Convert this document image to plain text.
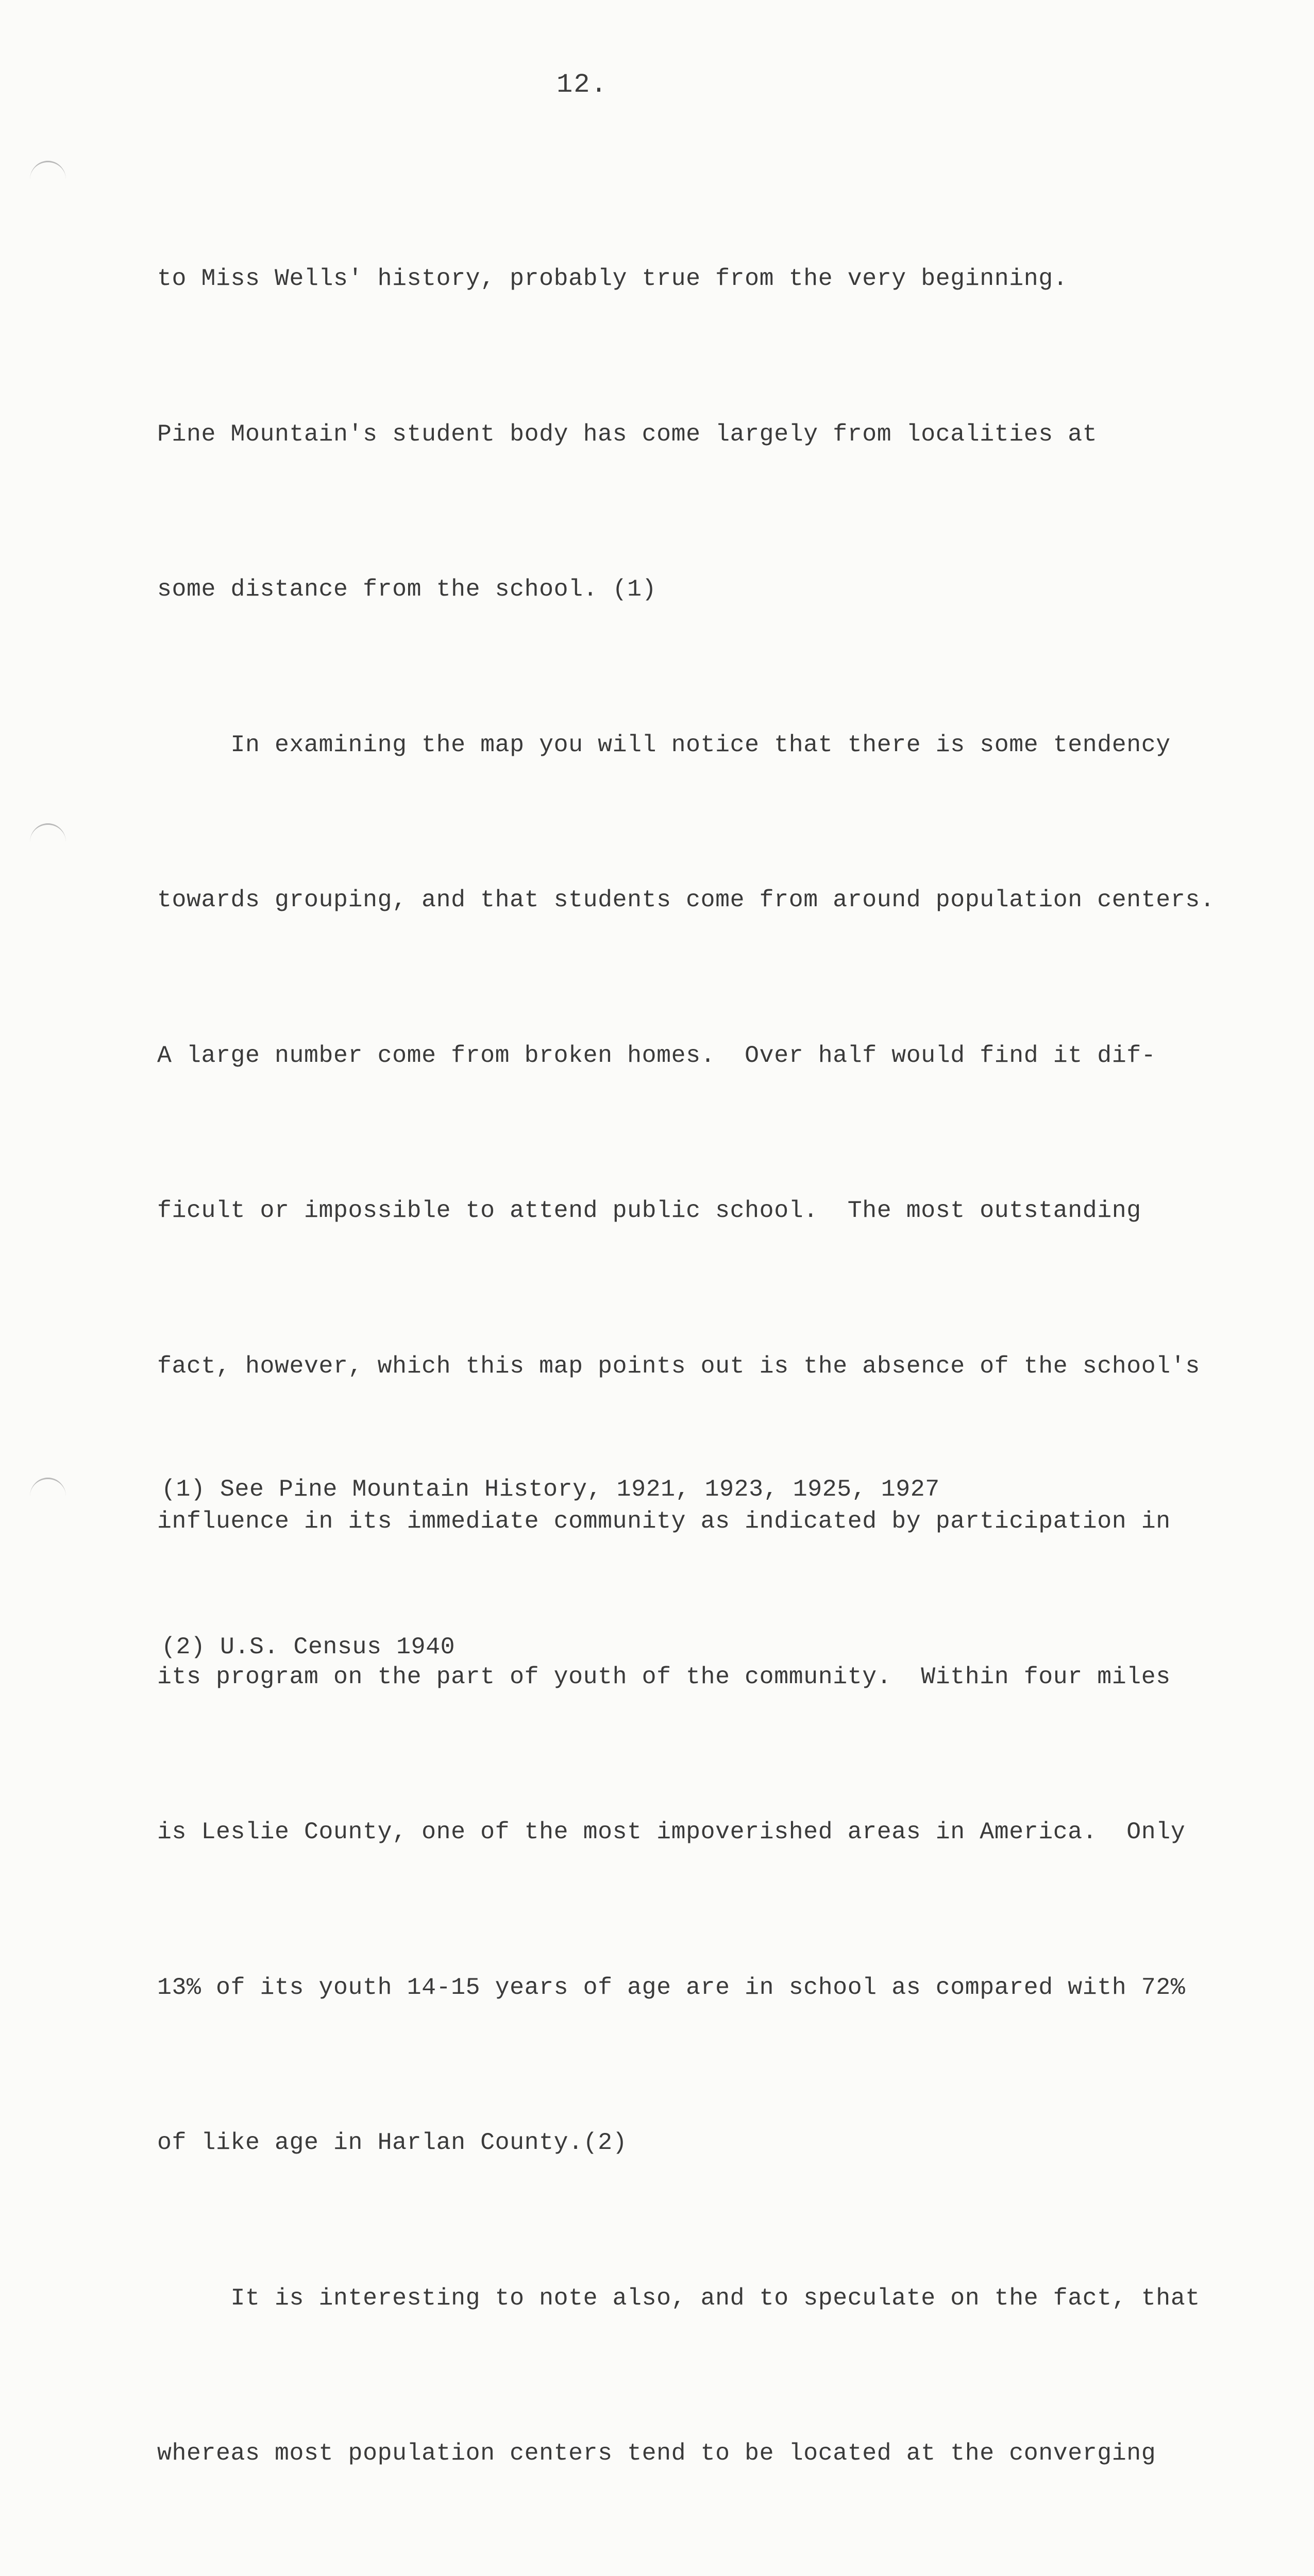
12.

to Miss Wells' history, probably true from the very beginning.

Pine Mountain's student body has come largely from localities at

some distance from the school. (1)

In examining the map you will notice that there is some tendency

towards grouping, and that students come from around population centers.

A large number come from broken homes.  Over half would find it dif-

ficult or impossible to attend public school.  The most outstanding

fact, however, which this map points out is the absence of the school's

influence in its immediate community as indicated by participation in

its program on the part of youth of the community.  Within four miles

is Leslie County, one of the most impoverished areas in America.  Only

13% of its youth 14-15 years of age are in school as compared with 72%

of like age in Harlan County.(2)

It is interesting to note also, and to speculate on the fact, that

whereas most population centers tend to be located at the converging

(1) See Pine Mountain History, 1921, 1923, 1925, 1927

(2) U.S. Census 1940
